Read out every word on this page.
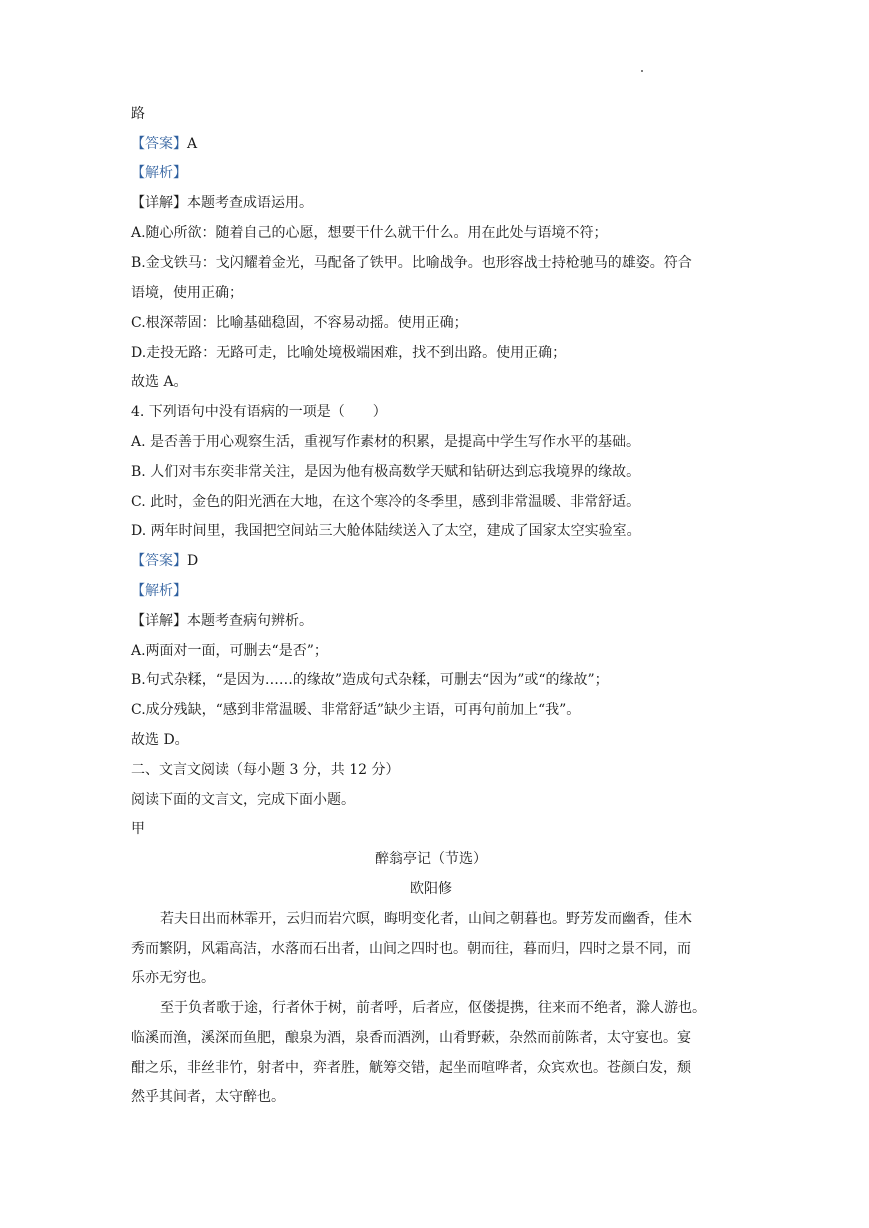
路
【答案】A
【解析】
【详解】本题考查成语运用。
A.随心所欲：随着自己的心愿，想要干什么就干什么。用在此处与语境不符；
B.金戈铁马：戈闪耀着金光，马配备了铁甲。比喻战争。也形容战士持枪驰马的雄姿。符合
语境，使用正确；
C.根深蒂固：比喻基础稳固，不容易动摇。使用正确；
D.走投无路：无路可走，比喻处境极端困难，找不到出路。使用正确；
故选 A。
4. 下列语句中没有语病的一项是（　　）
A. 是否善于用心观察生活，重视写作素材的积累，是提高中学生写作水平的基础。
B. 人们对韦东奕非常关注，是因为他有极高数学天赋和钻研达到忘我境界的缘故。
C. 此时，金色的阳光洒在大地，在这个寒冷的冬季里，感到非常温暖、非常舒适。
D. 两年时间里，我国把空间站三大舱体陆续送入了太空，建成了国家太空实验室。
【答案】D
【解析】
【详解】本题考查病句辨析。
A.两面对一面，可删去“是否”；
B.句式杂糅，“是因为……的缘故”造成句式杂糅，可删去“因为”或“的缘故”；
C.成分残缺，“感到非常温暖、非常舒适”缺少主语，可再句前加上“我”。
故选 D。
二、文言文阅读（每小题 3 分，共 12 分）
阅读下面的文言文，完成下面小题。
甲
醉翁亭记（节选）
欧阳修
若夫日出而林霏开，云归而岩穴暝，晦明变化者，山间之朝暮也。野芳发而幽香，佳木
秀而繁阴，风霜高洁，水落而石出者，山间之四时也。朝而往，暮而归，四时之景不同，而
乐亦无穷也。
至于负者歌于途，行者休于树，前者呼，后者应，伛偻提携，往来而不绝者，滁人游也。
临溪而渔，溪深而鱼肥，酿泉为酒，泉香而酒洌，山肴野蔌，杂然而前陈者，太守宴也。宴
酣之乐，非丝非竹，射者中，弈者胜，觥筹交错，起坐而喧哗者，众宾欢也。苍颜白发，颓
然乎其间者，太守醉也。
